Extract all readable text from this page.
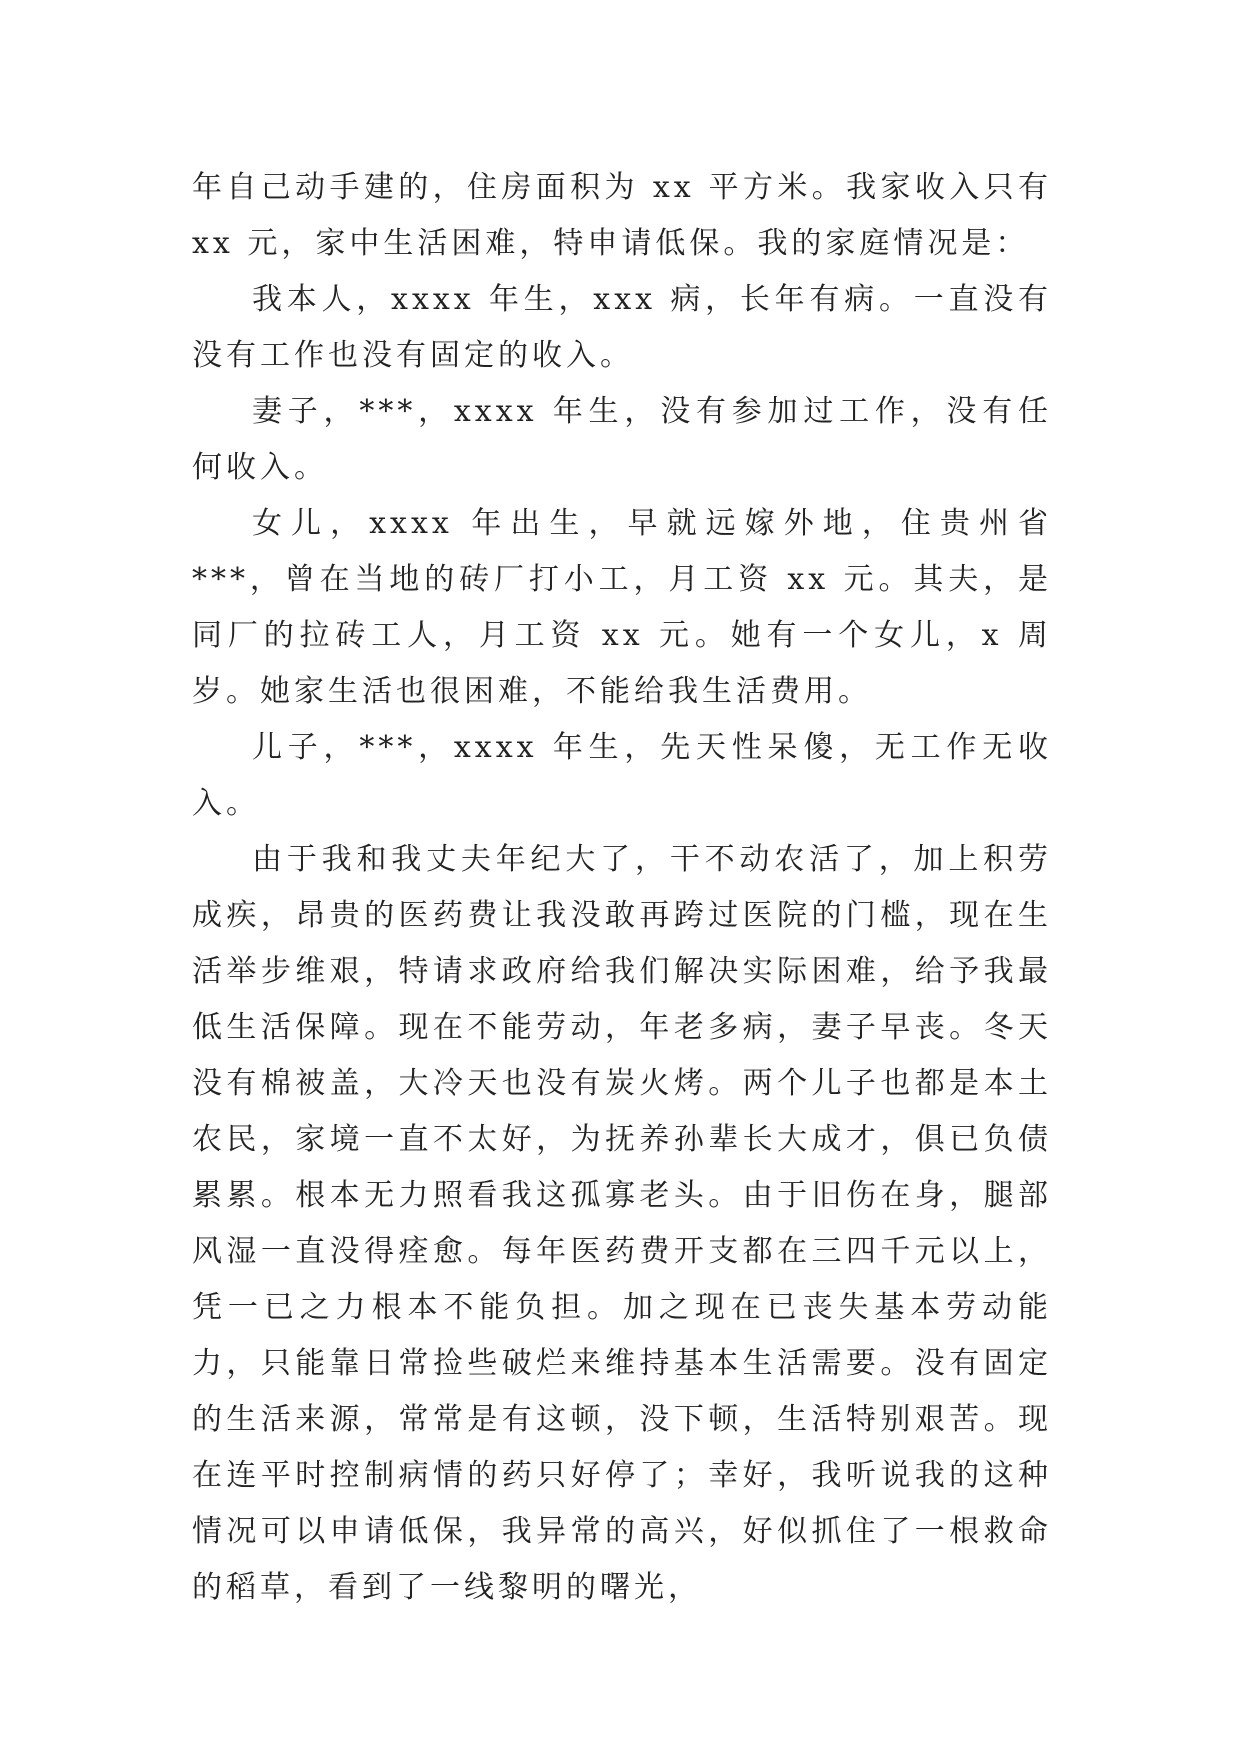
年自己动手建的，住房面积为 xx 平方米。我家收入只有 xx 元，家中生活困难，特申请低保。我的家庭情况是：

我本人，xxxx 年生，xxx 病，长年有病。一直没有没有工作也没有固定的收入。

妻子，***，xxxx 年生，没有参加过工作，没有任何收入。

女儿，xxxx 年出生，早就远嫁外地，住贵州省***，曾在当地的砖厂打小工，月工资 xx 元。其夫，是同厂的拉砖工人，月工资 xx 元。她有一个女儿，x 周岁。她家生活也很困难，不能给我生活费用。

儿子，***，xxxx 年生，先天性呆傻，无工作无收入。

由于我和我丈夫年纪大了，干不动农活了，加上积劳成疾，昂贵的医药费让我没敢再跨过医院的门槛，现在生活举步维艰，特请求政府给我们解决实际困难，给予我最低生活保障。现在不能劳动，年老多病，妻子早丧。冬天没有棉被盖，大冷天也没有炭火烤。两个儿子也都是本土农民，家境一直不太好，为抚养孙辈长大成才，俱已负债累累。根本无力照看我这孤寡老头。由于旧伤在身，腿部风湿一直没得痊愈。每年医药费开支都在三四千元以上，凭一已之力根本不能负担。加之现在已丧失基本劳动能力，只能靠日常捡些破烂来维持基本生活需要。没有固定的生活来源，常常是有这顿，没下顿，生活特别艰苦。现在连平时控制病情的药只好停了；幸好，我听说我的这种情况可以申请低保，我异常的高兴，好似抓住了一根救命的稻草，看到了一线黎明的曙光，
